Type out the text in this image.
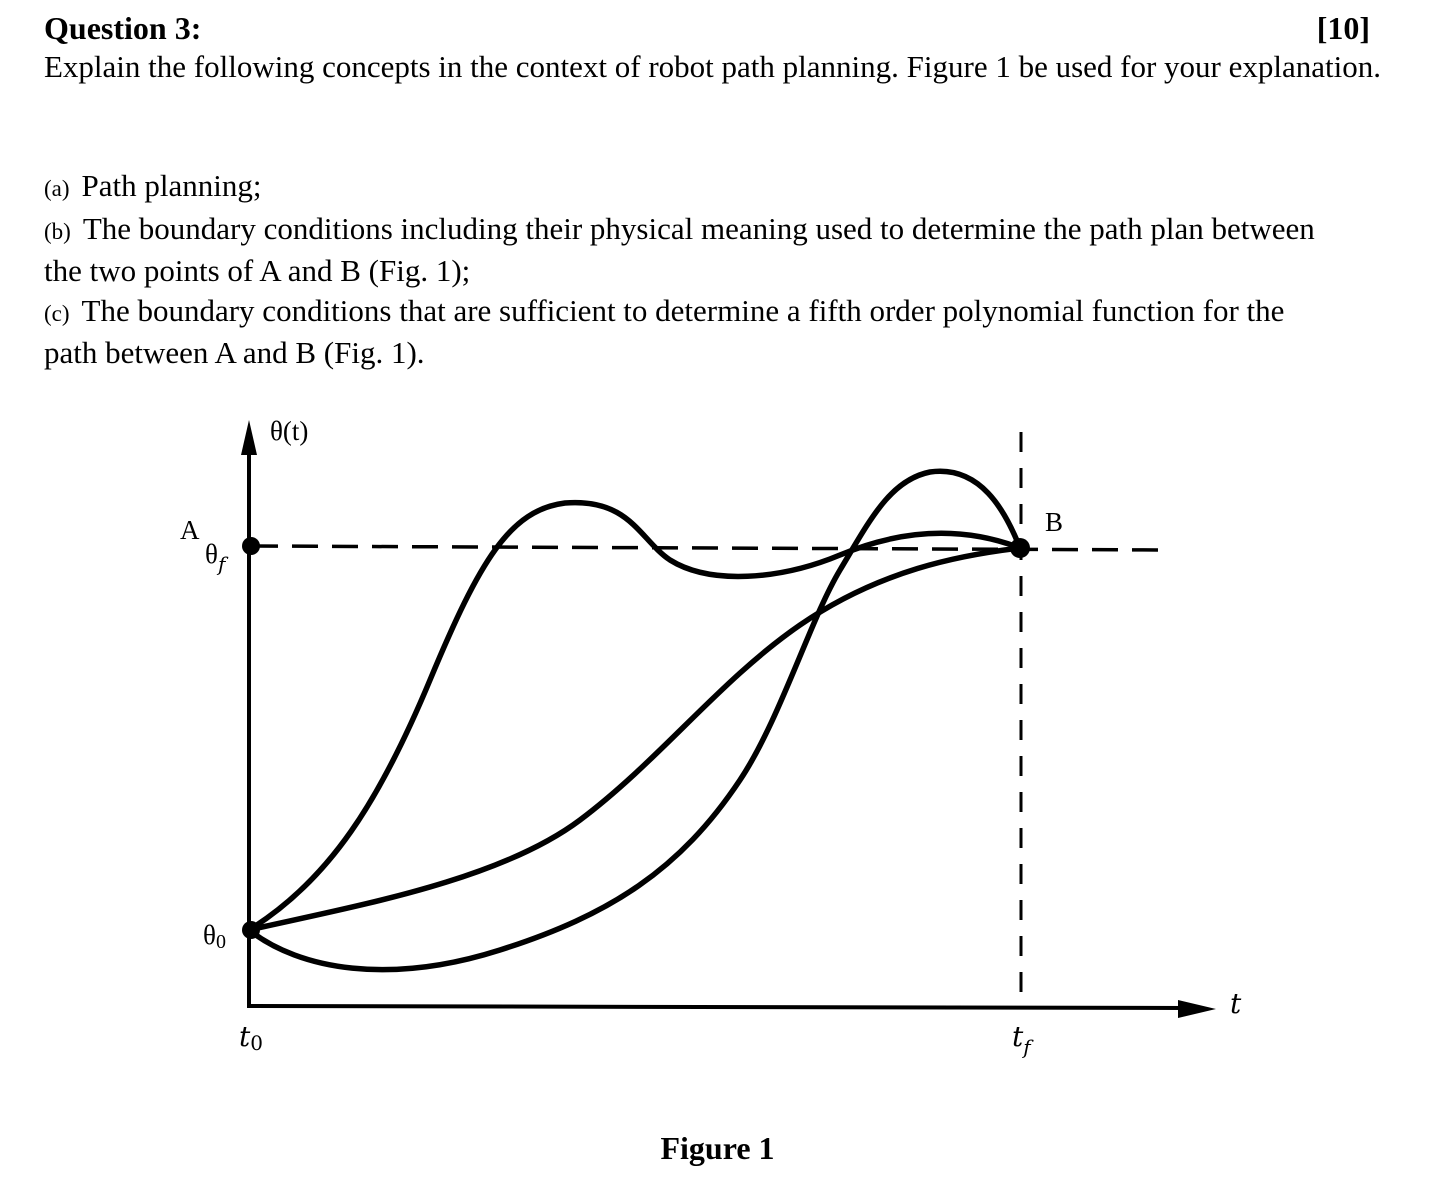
Question 3:	[10]
Explain the following concepts in the context of robot path planning. Figure 1 be used for your explanation.

(a) Path planning;

(b) The boundary conditions including their physical meaning used to determine the path plan between the two points of A and B (Fig. 1);

(c) The boundary conditions that are sufficient to determine a fifth order polynomial function for the path between A and B (Fig. 1).

θ(t)
A
$\theta_f$
B
θ0
t0	$t_f$
t
Figure 1
